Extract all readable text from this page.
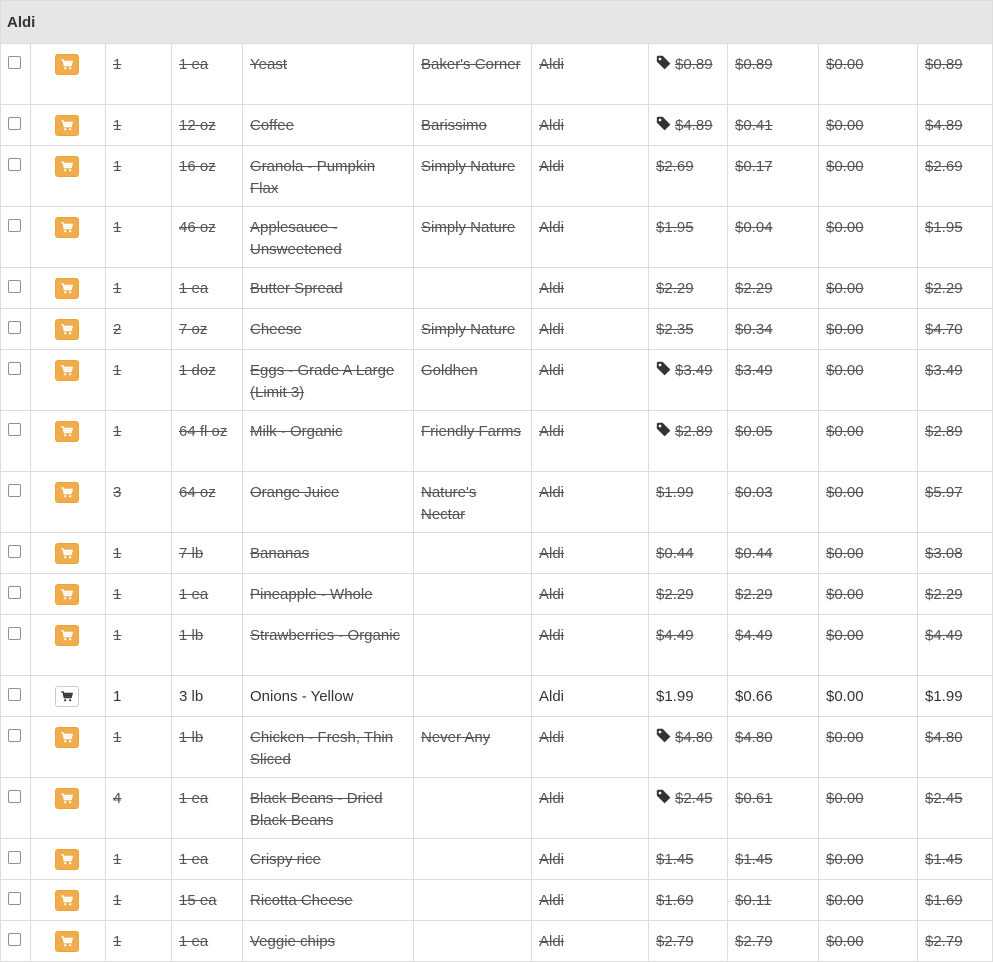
Aldi										

	1	1 ea	Yeast	Baker's Corner	Aldi	$0.89	$0.89	$0.00	$0.89

	1	12 oz	Coffee	Barissimo	Aldi	$4.89	$0.41	$0.00	$4.89

	1	16 oz	Granola - Pumpkin Flax	Simply Nature	Aldi	$2.69	$0.17	$0.00	$2.69

	1	46 oz	Applesauce - Unsweetened	Simply Nature	Aldi	$1.95	$0.04	$0.00	$1.95

	1	1 ea	Butter Spread		Aldi	$2.29	$2.29	$0.00	$2.29

	2	7 oz	Cheese	Simply Nature	Aldi	$2.35	$0.34	$0.00	$4.70

	1	1 doz	Eggs - Grade A Large (Limit 3)	Goldhen	Aldi	$3.49	$3.49	$0.00	$3.49

	1	64 fl oz	Milk - Organic	Friendly Farms	Aldi	$2.89	$0.05	$0.00	$2.89

	3	64 oz	Orange Juice	Nature's Nectar	Aldi	$1.99	$0.03	$0.00	$5.97

	1	7 lb	Bananas		Aldi	$0.44	$0.44	$0.00	$3.08

	1	1 ea	Pineapple - Whole		Aldi	$2.29	$2.29	$0.00	$2.29

	1	1 lb	Strawberries - Organic		Aldi	$4.49	$4.49	$0.00	$4.49

	1	3 lb	Onions - Yellow		Aldi	$1.99	$0.66	$0.00	$1.99

	1	1 lb	Chicken - Fresh, Thin Sliced	Never Any	Aldi	$4.80	$4.80	$0.00	$4.80

	4	1 ea	Black Beans - Dried Black Beans		Aldi	$2.45	$0.61	$0.00	$2.45

	1	1 ea	Crispy rice		Aldi	$1.45	$1.45	$0.00	$1.45

	1	15 ea	Ricotta Cheese		Aldi	$1.69	$0.11	$0.00	$1.69

	1	1 ea	Veggie chips		Aldi	$2.79	$2.79	$0.00	$2.79
